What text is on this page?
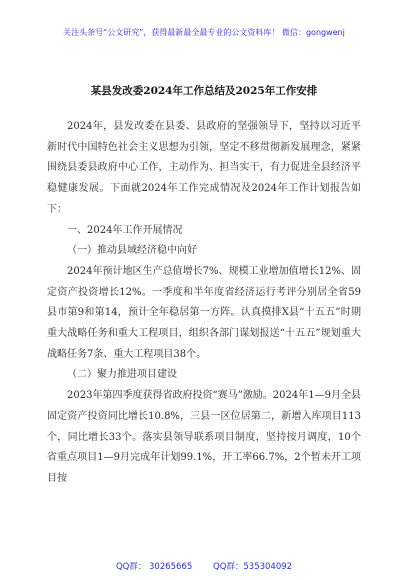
关注头条号“公文研究”，获得最新最全最专业的公文资料库！ 微信：gongwenj
某县发改委2024年工作总结及2025年工作安排

2024年，县发改委在县委、县政府的坚强领导下，坚持以习近平新时代中国特色社会主义思想为引领，坚定不移贯彻新发展理念，紧紧围绕县委县政府中心工作，主动作为、担当实干，有力促进全县经济平稳健康发展。下面就2024年工作完成情况及2024年工作计划报告如下：

一、2024年工作开展情况

（一）推动县域经济稳中向好

2024年预计地区生产总值增长7%、规模工业增加值增长12%、固定资产投资增长12%。一季度和半年度省经济运行考评分别居全省59县市第9和第14，预计全年稳居第一方阵。认真摸排X县“十五五”时期重大战略任务和重大工程项目，组织各部门谋划报送“十五五”规划重大战略任务7条、重大工程项目38个。

（二）聚力推进项目建设

2023年第四季度获得省政府投资“赛马”激励。2024年1—9月全县固定资产投资同比增长10.8%，三县一区位居第二，新增入库项目113个，同比增长33个。落实县领导联系项目制度，坚持按月调度，10个省重点项目1—9月完成年计划99.1%，开工率66.7%，2个暂未开工项目按

QQ群： 30265665 QQ群：535304092
